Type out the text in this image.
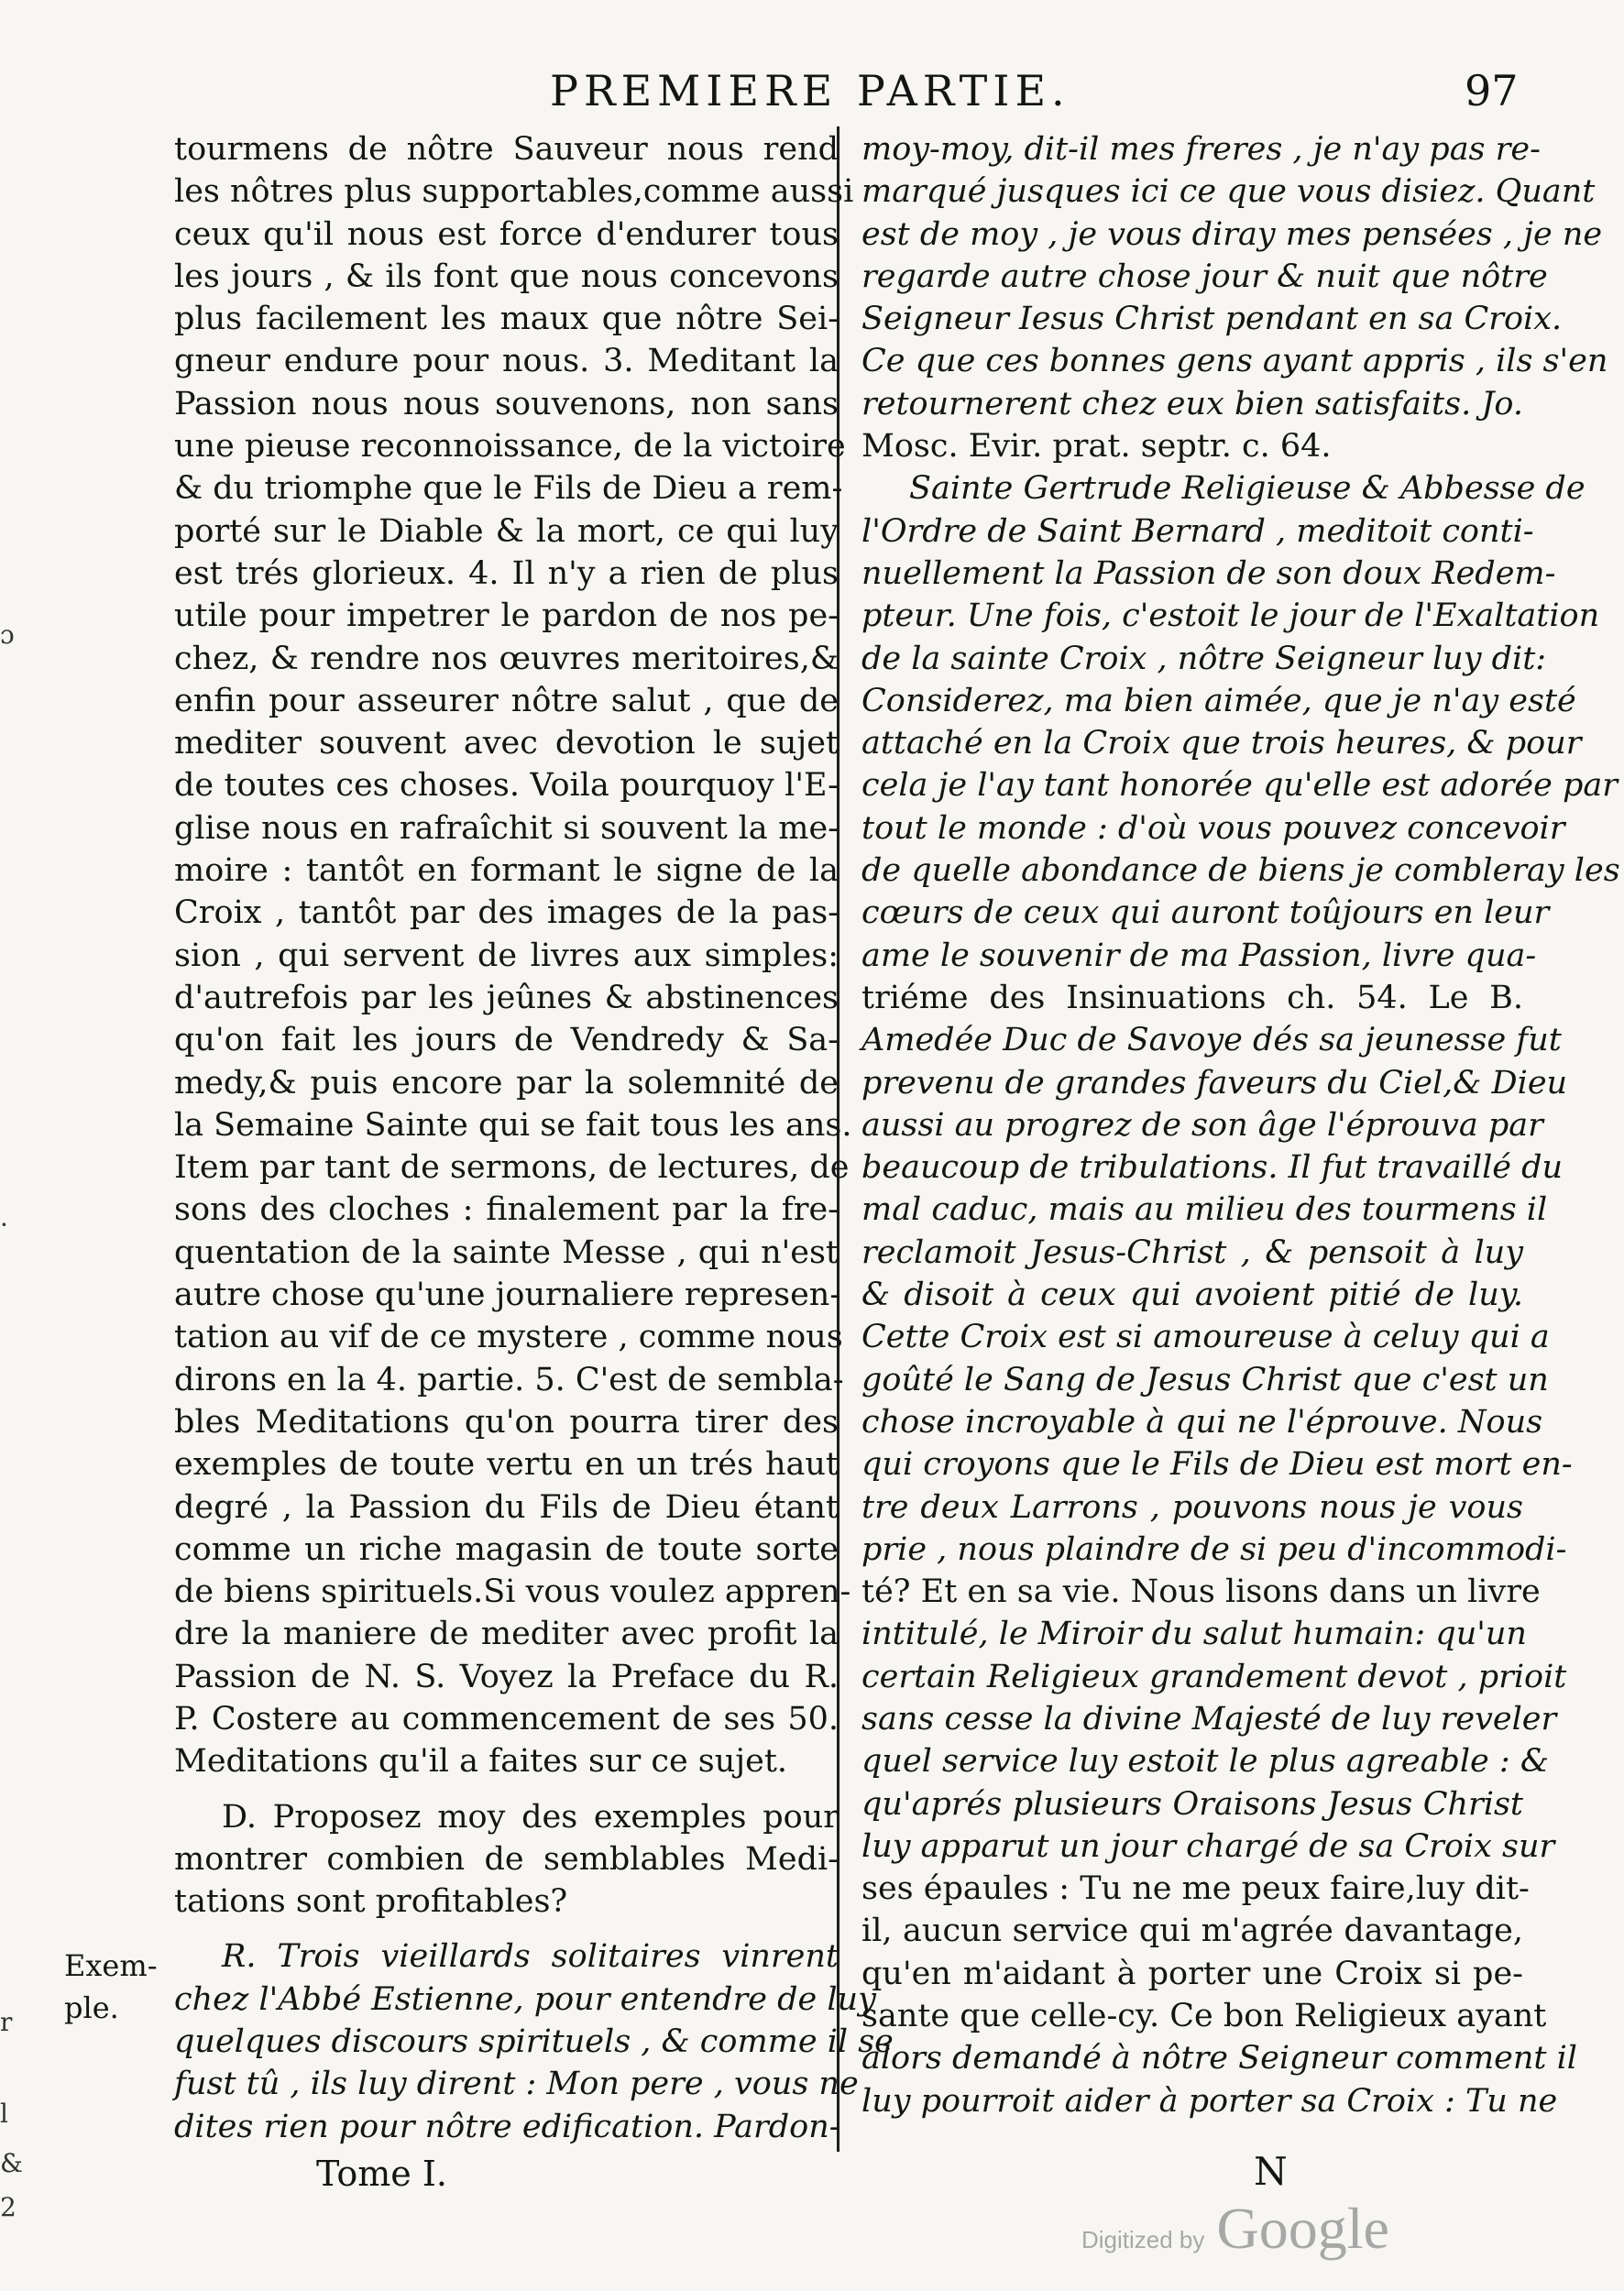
PREMIERE PARTIE.	97
ɔ
·
r
l
&
2
Exem-
ple.
tourmens de nôtre Sauveur nous rend
les nôtres plus supportables,comme aussi
ceux qu'il nous est force d'endurer tous
les jours , & ils font que nous concevons
plus facilement les maux que nôtre Sei-
gneur endure pour nous. 3. Meditant la
Passion nous nous souvenons, non sans
une pieuse reconnoissance, de la victoire
& du triomphe que le Fils de Dieu a rem-
porté sur le Diable & la mort, ce qui luy
est trés glorieux. 4. Il n'y a rien de plus
utile pour impetrer le pardon de nos pe-
chez, & rendre nos œuvres meritoires,&
enfin pour asseurer nôtre salut , que de
mediter souvent avec devotion le sujet
de toutes ces choses. Voila pourquoy l'E-
glise nous en rafraîchit si souvent la me-
moire : tantôt en formant le signe de la
Croix , tantôt par des images de la pas-
sion , qui servent de livres aux simples:
d'autrefois par les jeûnes & abstinences
qu'on fait les jours de Vendredy & Sa-
medy,& puis encore par la solemnité de
la Semaine Sainte qui se fait tous les ans.
Item par tant de sermons, de lectures, de
sons des cloches : finalement par la fre-
quentation de la sainte Messe , qui n'est
autre chose qu'une journaliere represen-
tation au vif de ce mystere , comme nous
dirons en la 4. partie. 5. C'est de sembla-
bles Meditations qu'on pourra tirer des
exemples de toute vertu en un trés haut
degré , la Passion du Fils de Dieu étant
comme un riche magasin de toute sorte
de biens spirituels.Si vous voulez appren-
dre la maniere de mediter avec profit la
Passion de N. S. Voyez la Preface du R.
P. Costere au commencement de ses 50.
Meditations qu'il a faites sur ce sujet.
D. Proposez moy des exemples pour
montrer combien de semblables Medi-
tations sont profitables?
R. Trois vieillards solitaires vinrent
chez l'Abbé Estienne, pour entendre de luy
quelques discours spirituels , & comme il se
fust tû , ils luy dirent : Mon pere , vous ne
dites rien pour nôtre edification. Pardon-
moy-moy, dit-il mes freres , je n'ay pas re-
marqué jusques ici ce que vous disiez. Quant
est de moy , je vous diray mes pensées , je ne
regarde autre chose jour & nuit que nôtre
Seigneur Iesus Christ pendant en sa Croix.
Ce que ces bonnes gens ayant appris , ils s'en
retournerent chez eux bien satisfaits. Jo.
Mosc. Evir. prat. septr. c. 64.
Sainte Gertrude Religieuse & Abbesse de
l'Ordre de Saint Bernard , meditoit conti-
nuellement la Passion de son doux Redem-
pteur. Une fois, c'estoit le jour de l'Exaltation
de la sainte Croix , nôtre Seigneur luy dit:
Considerez, ma bien aimée, que je n'ay esté
attaché en la Croix que trois heures, & pour
cela je l'ay tant honorée qu'elle est adorée par
tout le monde : d'où vous pouvez concevoir
de quelle abondance de biens je combleray les
cœurs de ceux qui auront toûjours en leur
ame le souvenir de ma Passion, livre qua-
triéme des Insinuations ch. 54. Le B.
Amedée Duc de Savoye dés sa jeunesse fut
prevenu de grandes faveurs du Ciel,& Dieu
aussi au progrez de son âge l'éprouva par
beaucoup de tribulations. Il fut travaillé du
mal caduc, mais au milieu des tourmens il
reclamoit Jesus-Christ , & pensoit à luy
& disoit à ceux qui avoient pitié de luy.
Cette Croix est si amoureuse à celuy qui a
goûté le Sang de Jesus Christ que c'est un
chose incroyable à qui ne l'éprouve. Nous
qui croyons que le Fils de Dieu est mort en-
tre deux Larrons , pouvons nous je vous
prie , nous plaindre de si peu d'incommodi-
té? Et en sa vie. Nous lisons dans un livre
intitulé, le Miroir du salut humain: qu'un
certain Religieux grandement devot , prioit
sans cesse la divine Majesté de luy reveler
quel service luy estoit le plus agreable : &
qu'aprés plusieurs Oraisons Jesus Christ
luy apparut un jour chargé de sa Croix sur
ses épaules : Tu ne me peux faire,luy dit-
il, aucun service qui m'agrée davantage,
qu'en m'aidant à porter une Croix si pe-
sante que celle-cy. Ce bon Religieux ayant
alors demandé à nôtre Seigneur comment il
luy pourroit aider à porter sa Croix : Tu ne
Tome I.	N
Digitized by Google
